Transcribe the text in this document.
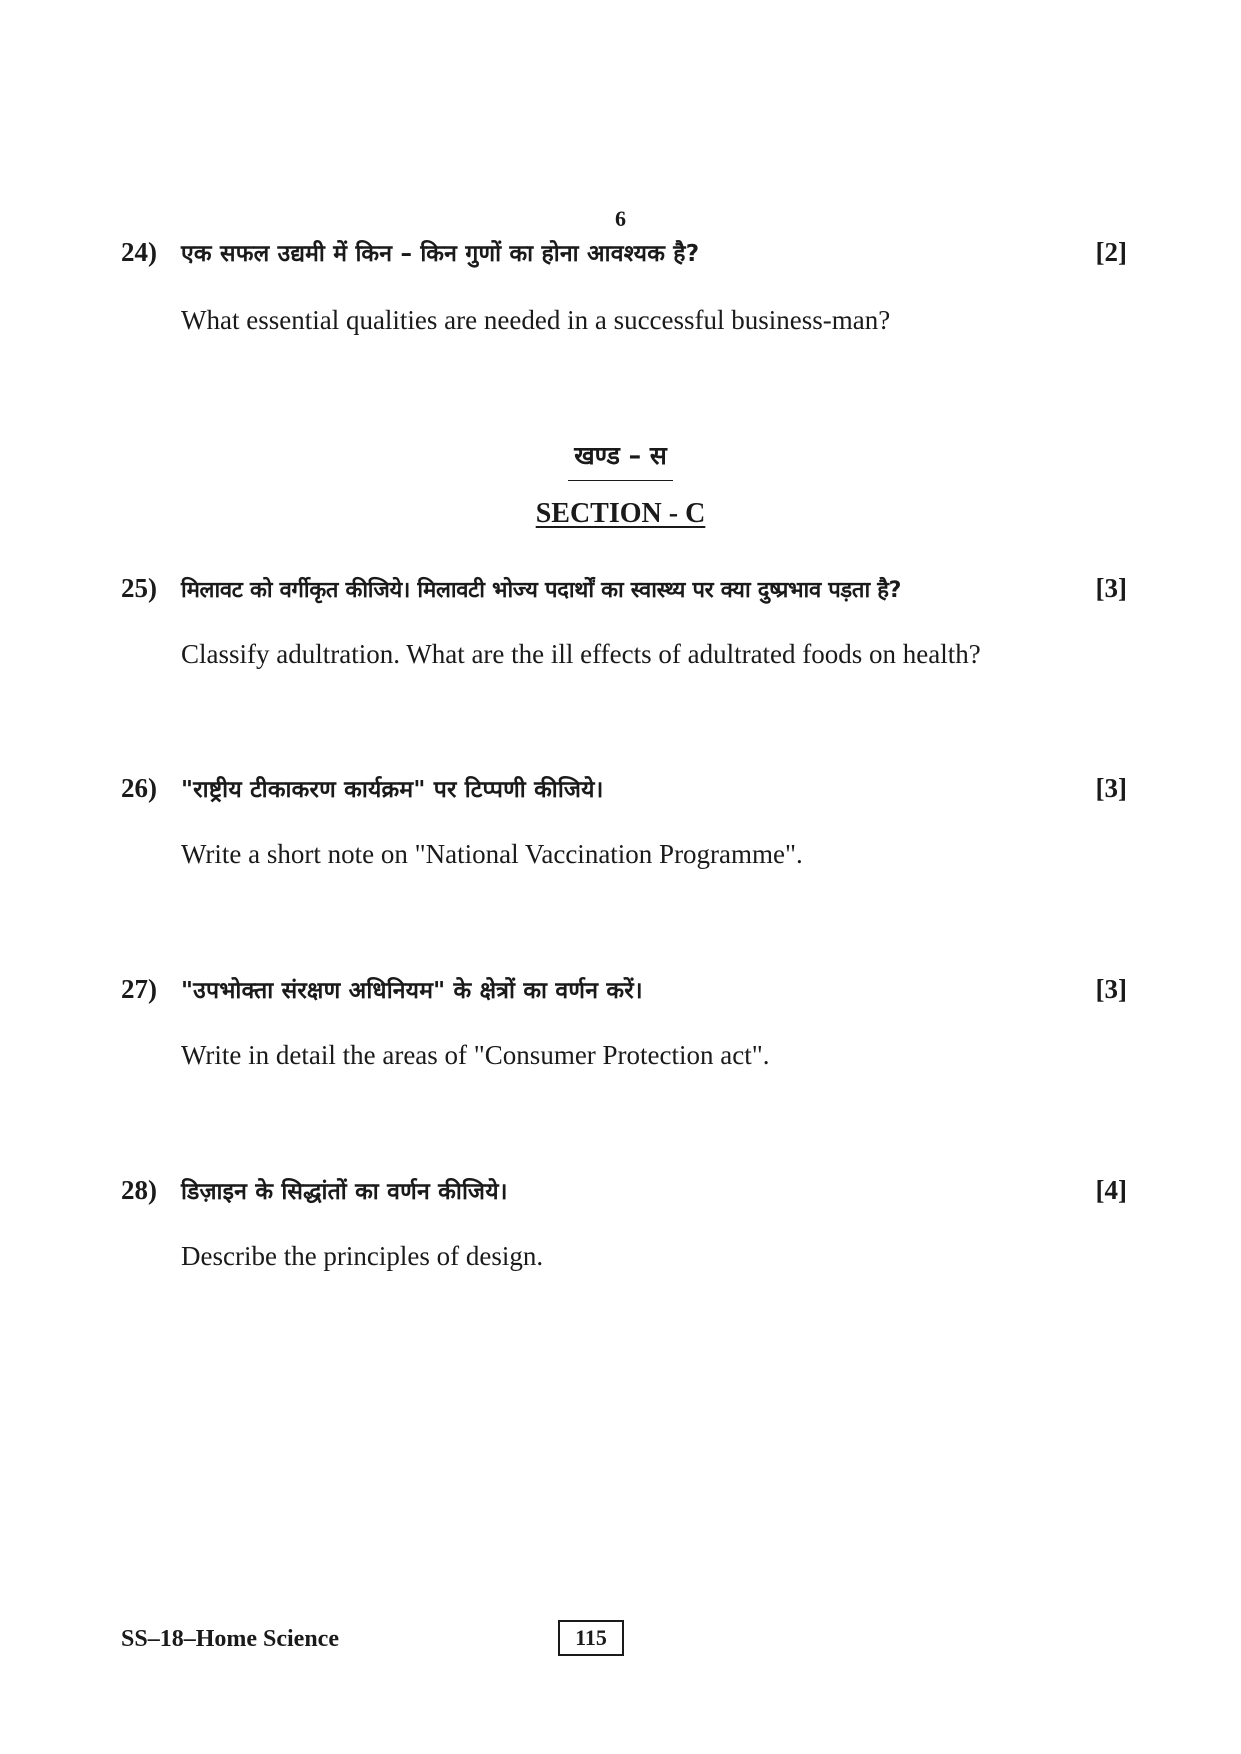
6
24) एक सफल उद्यमी में किन – किन गुणों का होना आवश्यक है?	[2]
What essential qualities are needed in a successful business-man?
खण्ड – स
SECTION - C
25) मिलावट को वर्गीकृत कीजिये। मिलावटी भोज्य पदार्थों का स्वास्थ्य पर क्या दुष्प्रभाव पड़ता है?	[3]
Classify adultration. What are the ill effects of adultrated foods on health?
26) "राष्ट्रीय टीकाकरण कार्यक्रम" पर टिप्पणी कीजिये।	[3]
Write a short note on "National Vaccination Programme".
27) "उपभोक्ता संरक्षण अधिनियम" के क्षेत्रों का वर्णन करें।	[3]
Write in detail the areas of "Consumer Protection act".
28) डिज़ाइन के सिद्धांतों का वर्णन कीजिये।	[4]
Describe the principles of design.
SS–18–Home Science	115
